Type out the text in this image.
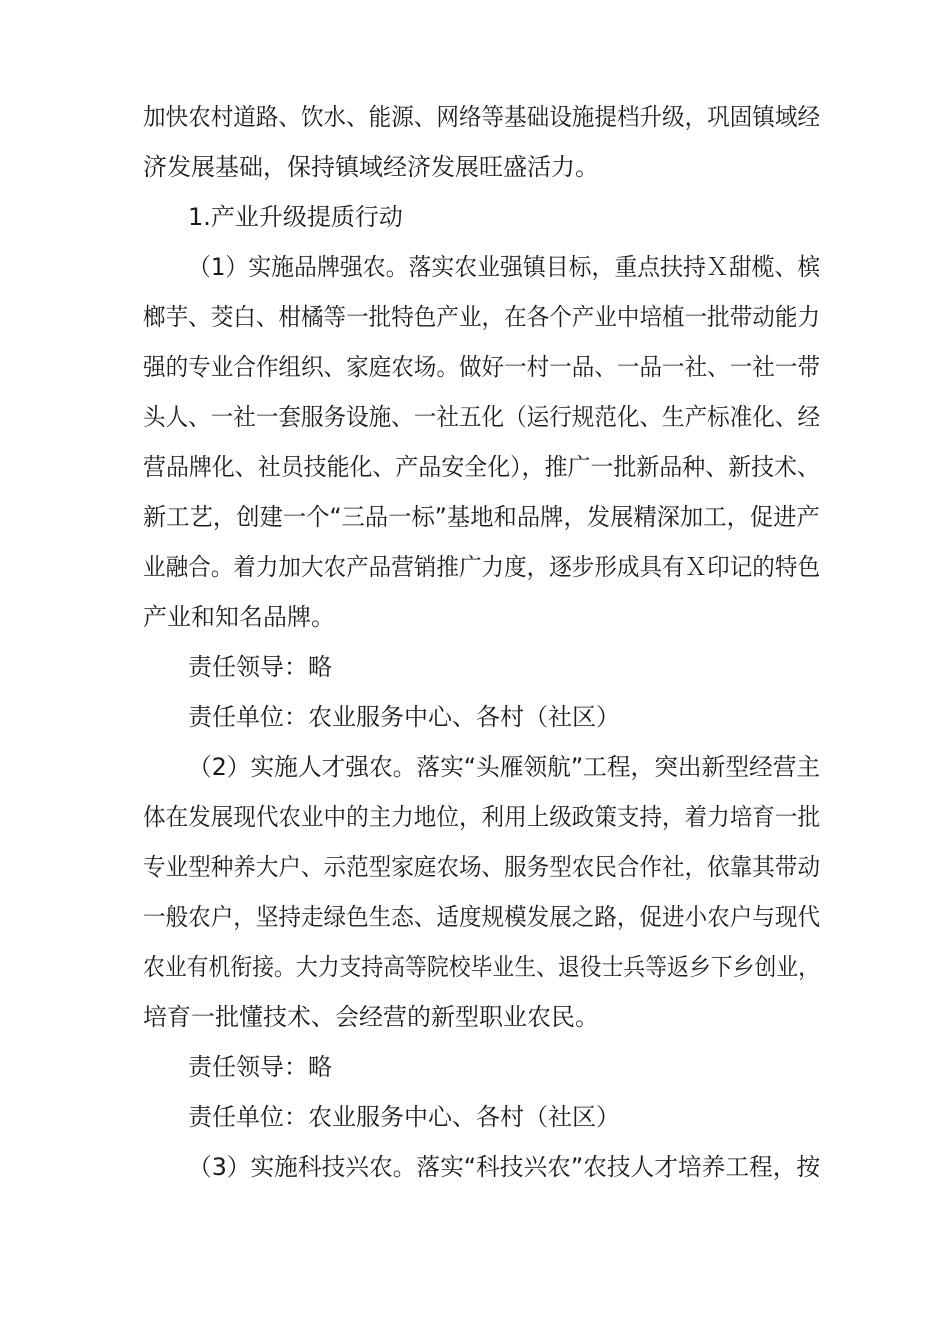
加快农村道路、饮水、能源、网络等基础设施提档升级，巩固镇域经
济发展基础，保持镇域经济发展旺盛活力。
1.产业升级提质行动
（1）实施品牌强农。落实农业强镇目标，重点扶持Ｘ甜榄、槟
榔芋、茭白、柑橘等一批特色产业，在各个产业中培植一批带动能力
强的专业合作组织、家庭农场。做好一村一品、一品一社、一社一带
头人、一社一套服务设施、一社五化（运行规范化、生产标准化、经
营品牌化、社员技能化、产品安全化），推广一批新品种、新技术、
新工艺，创建一个“三品一标”基地和品牌，发展精深加工，促进产
业融合。着力加大农产品营销推广力度，逐步形成具有Ｘ印记的特色
产业和知名品牌。
责任领导：略
责任单位：农业服务中心、各村（社区）
（2）实施人才强农。落实“头雁领航”工程，突出新型经营主
体在发展现代农业中的主力地位，利用上级政策支持，着力培育一批
专业型种养大户、示范型家庭农场、服务型农民合作社，依靠其带动
一般农户，坚持走绿色生态、适度规模发展之路，促进小农户与现代
农业有机衔接。大力支持高等院校毕业生、退役士兵等返乡下乡创业，
培育一批懂技术、会经营的新型职业农民。
责任领导：略
责任单位：农业服务中心、各村（社区）
（3）实施科技兴农。落实“科技兴农”农技人才培养工程，按
